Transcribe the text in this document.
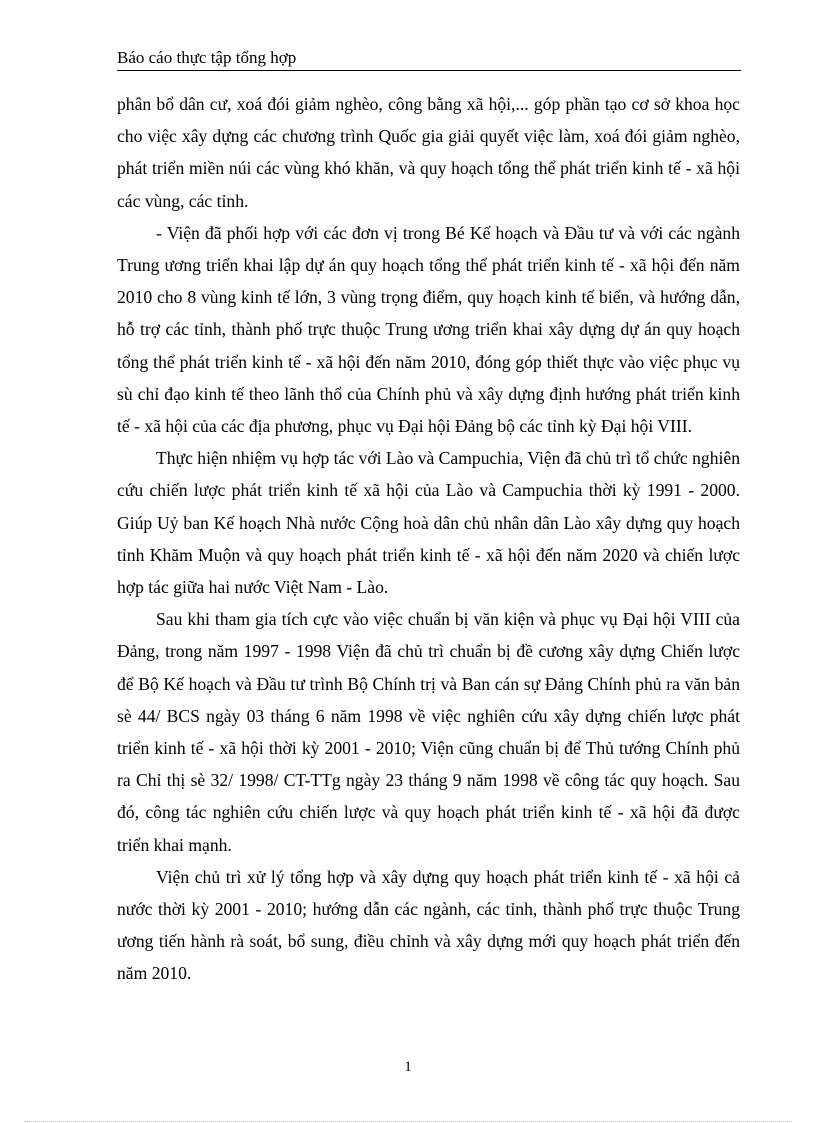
Báo cáo thực tập tổng hợp

phân bổ dân cư, xoá đói giảm nghèo, công bằng xã hội,... góp phần tạo cơ sở khoa học cho việc xây dựng các chương trình Quốc gia giải quyết việc làm, xoá đói giảm nghèo, phát triển miền núi các vùng khó khăn, và quy hoạch tổng thể phát triển kinh tế - xã hội các vùng, các tỉnh.

- Viện đã phối hợp với các đơn vị trong Bé Kế hoạch và Đầu tư và với các ngành Trung ương triển khai lập dự án quy hoạch tổng thể phát triển kinh tế - xã hội đến năm 2010 cho 8 vùng kinh tế lớn, 3 vùng trọng điểm, quy hoạch kinh tế biển, và hướng dẫn, hỗ trợ các tỉnh, thành phố trực thuộc Trung ương triển khai xây dựng dự án quy hoạch tổng thể phát triển kinh tế - xã hội đến năm 2010, đóng góp thiết thực vào việc phục vụ sù chỉ đạo kinh tế theo lãnh thổ của Chính phủ và xây dựng định hướng phát triển kinh tế - xã hội của các địa phương, phục vụ Đại hội Đảng bộ các tỉnh kỳ Đại hội VIII.

Thực hiện nhiệm vụ hợp tác với Lào và Campuchia, Viện đã chủ trì tổ chức nghiên cứu chiến lược phát triển kinh tế xã hội của Lào và Campuchia thời kỳ 1991 - 2000. Giúp Uỷ ban Kế hoạch Nhà nước Cộng hoà dân chủ nhân dân Lào xây dựng quy hoạch tỉnh Khăm Muộn và quy hoạch phát triển kinh tế - xã hội đến năm 2020 và chiến lược hợp tác giữa hai nước Việt Nam - Lào.

Sau khi tham gia tích cực vào việc chuẩn bị văn kiện và phục vụ Đại hội VIII của Đảng, trong năm 1997 - 1998 Viện đã chủ trì chuẩn bị đề cương xây dựng Chiến lược để Bộ Kế hoạch và Đầu tư trình Bộ Chính trị và Ban cán sự Đảng Chính phủ ra văn bản sè 44/ BCS ngày 03 tháng 6 năm 1998 về việc nghiên cứu xây dựng chiến lược phát triển kinh tế - xã hội thời kỳ 2001 - 2010; Viện cũng chuẩn bị để Thủ tướng Chính phủ ra Chỉ thị sè 32/ 1998/ CT-TTg ngày 23 tháng 9 năm 1998 về công tác quy hoạch. Sau đó, công tác nghiên cứu chiến lược và quy hoạch phát triển kinh tế - xã hội đã được triển khai mạnh.

Viện chủ trì xử lý tổng hợp và xây dựng quy hoạch phát triển kinh tế - xã hội cả nước thời kỳ 2001 - 2010; hướng dẫn các ngành, các tỉnh, thành phố trực thuộc Trung ương tiến hành rà soát, bổ sung, điều chỉnh và xây dựng mới quy hoạch phát triển đến năm 2010.

1
